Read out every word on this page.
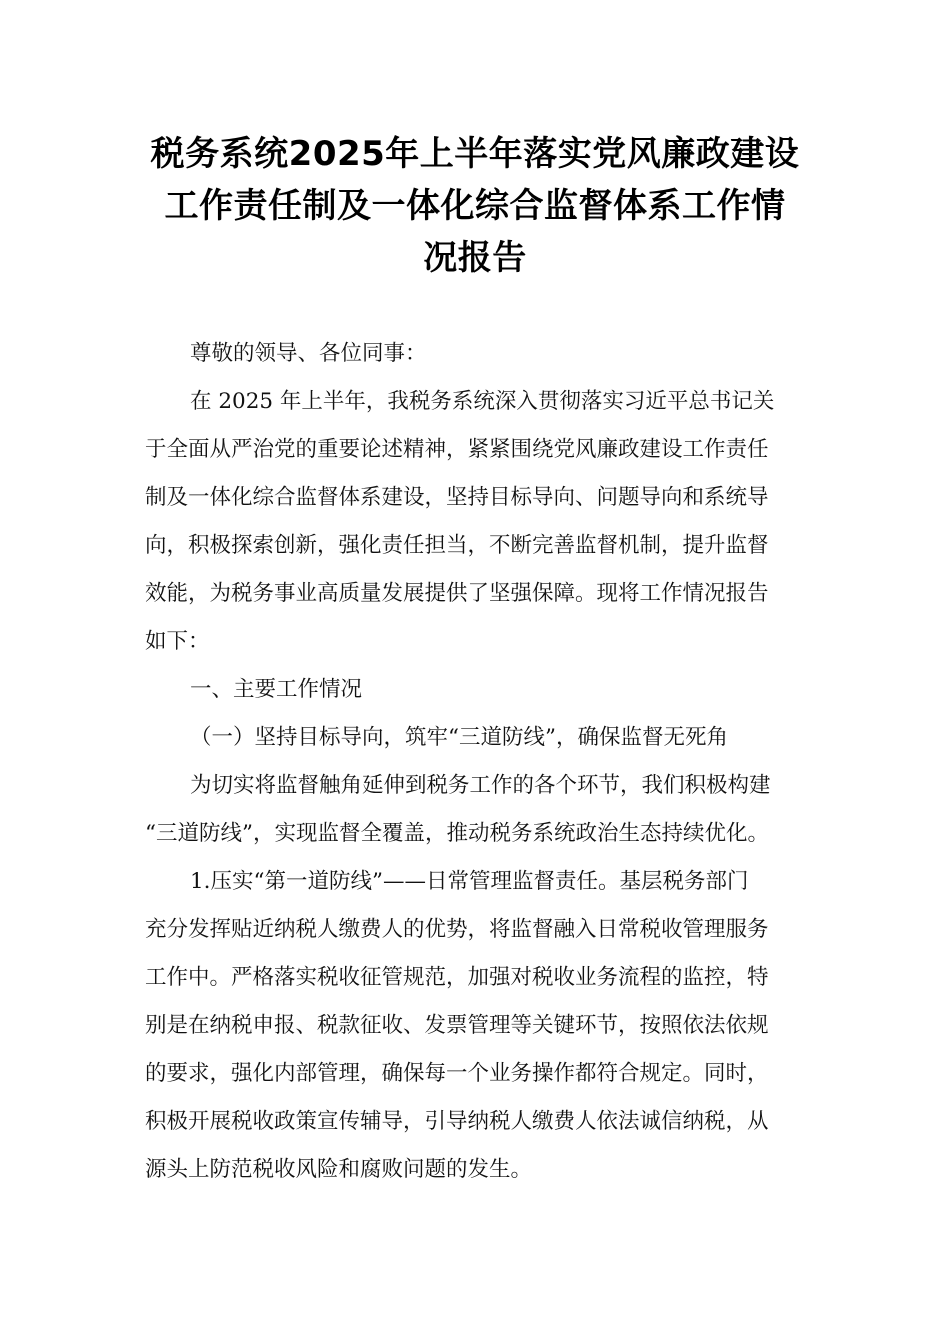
税务系统2025年上半年落实党风廉政建设
工作责任制及一体化综合监督体系工作情
况报告
尊敬的领导、各位同事：
在 2025 年上半年，我税务系统深入贯彻落实习近平总书记关
于全面从严治党的重要论述精神，紧紧围绕党风廉政建设工作责任
制及一体化综合监督体系建设，坚持目标导向、问题导向和系统导
向，积极探索创新，强化责任担当，不断完善监督机制，提升监督
效能，为税务事业高质量发展提供了坚强保障。现将工作情况报告
如下：
一、主要工作情况
（一）坚持目标导向，筑牢“三道防线”，确保监督无死角
为切实将监督触角延伸到税务工作的各个环节，我们积极构建
“三道防线”，实现监督全覆盖，推动税务系统政治生态持续优化。
1.压实“第一道防线”——日常管理监督责任。基层税务部门
充分发挥贴近纳税人缴费人的优势，将监督融入日常税收管理服务
工作中。严格落实税收征管规范，加强对税收业务流程的监控，特
别是在纳税申报、税款征收、发票管理等关键环节，按照依法依规
的要求，强化内部管理，确保每一个业务操作都符合规定。同时，
积极开展税收政策宣传辅导，引导纳税人缴费人依法诚信纳税，从
源头上防范税收风险和腐败问题的发生。
